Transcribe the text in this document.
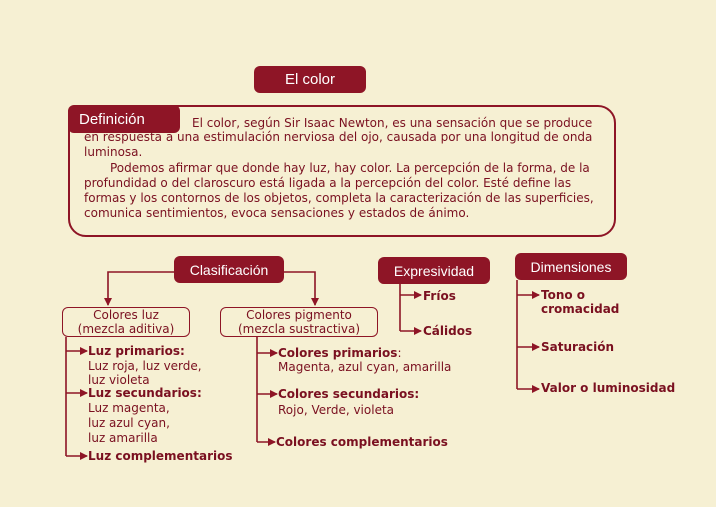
El color
Definición	El color, según Sir Isaac Newton, es una sensación que se produce
en respuesta a una estimulación nerviosa del ojo, causada por una longitud de onda
luminosa.
Podemos afirmar que donde hay luz, hay color. La percepción de la forma, de la
profundidad o del claroscuro está ligada a la percepción del color. Esté define las
formas y los contornos de los objetos, completa la caracterización de las superficies,
comunica sentimientos, evoca sensaciones y estados de ánimo.
Clasificación	Expresividad	Dimensiones
Colores luz
(mezcla aditiva)
Colores pigmento
(mezcla sustractiva)
Luz primarios:
Luz roja, luz verde,
luz violeta
Luz secundarios:
Luz magenta,
luz azul cyan,
luz amarilla
Luz complementarios
Colores primarios:
Magenta, azul cyan, amarilla
Colores secundarios:
Rojo, Verde, violeta
Colores complementarios
Fríos
Cálidos
Tono o
cromacidad
Saturación
Valor o luminosidad
